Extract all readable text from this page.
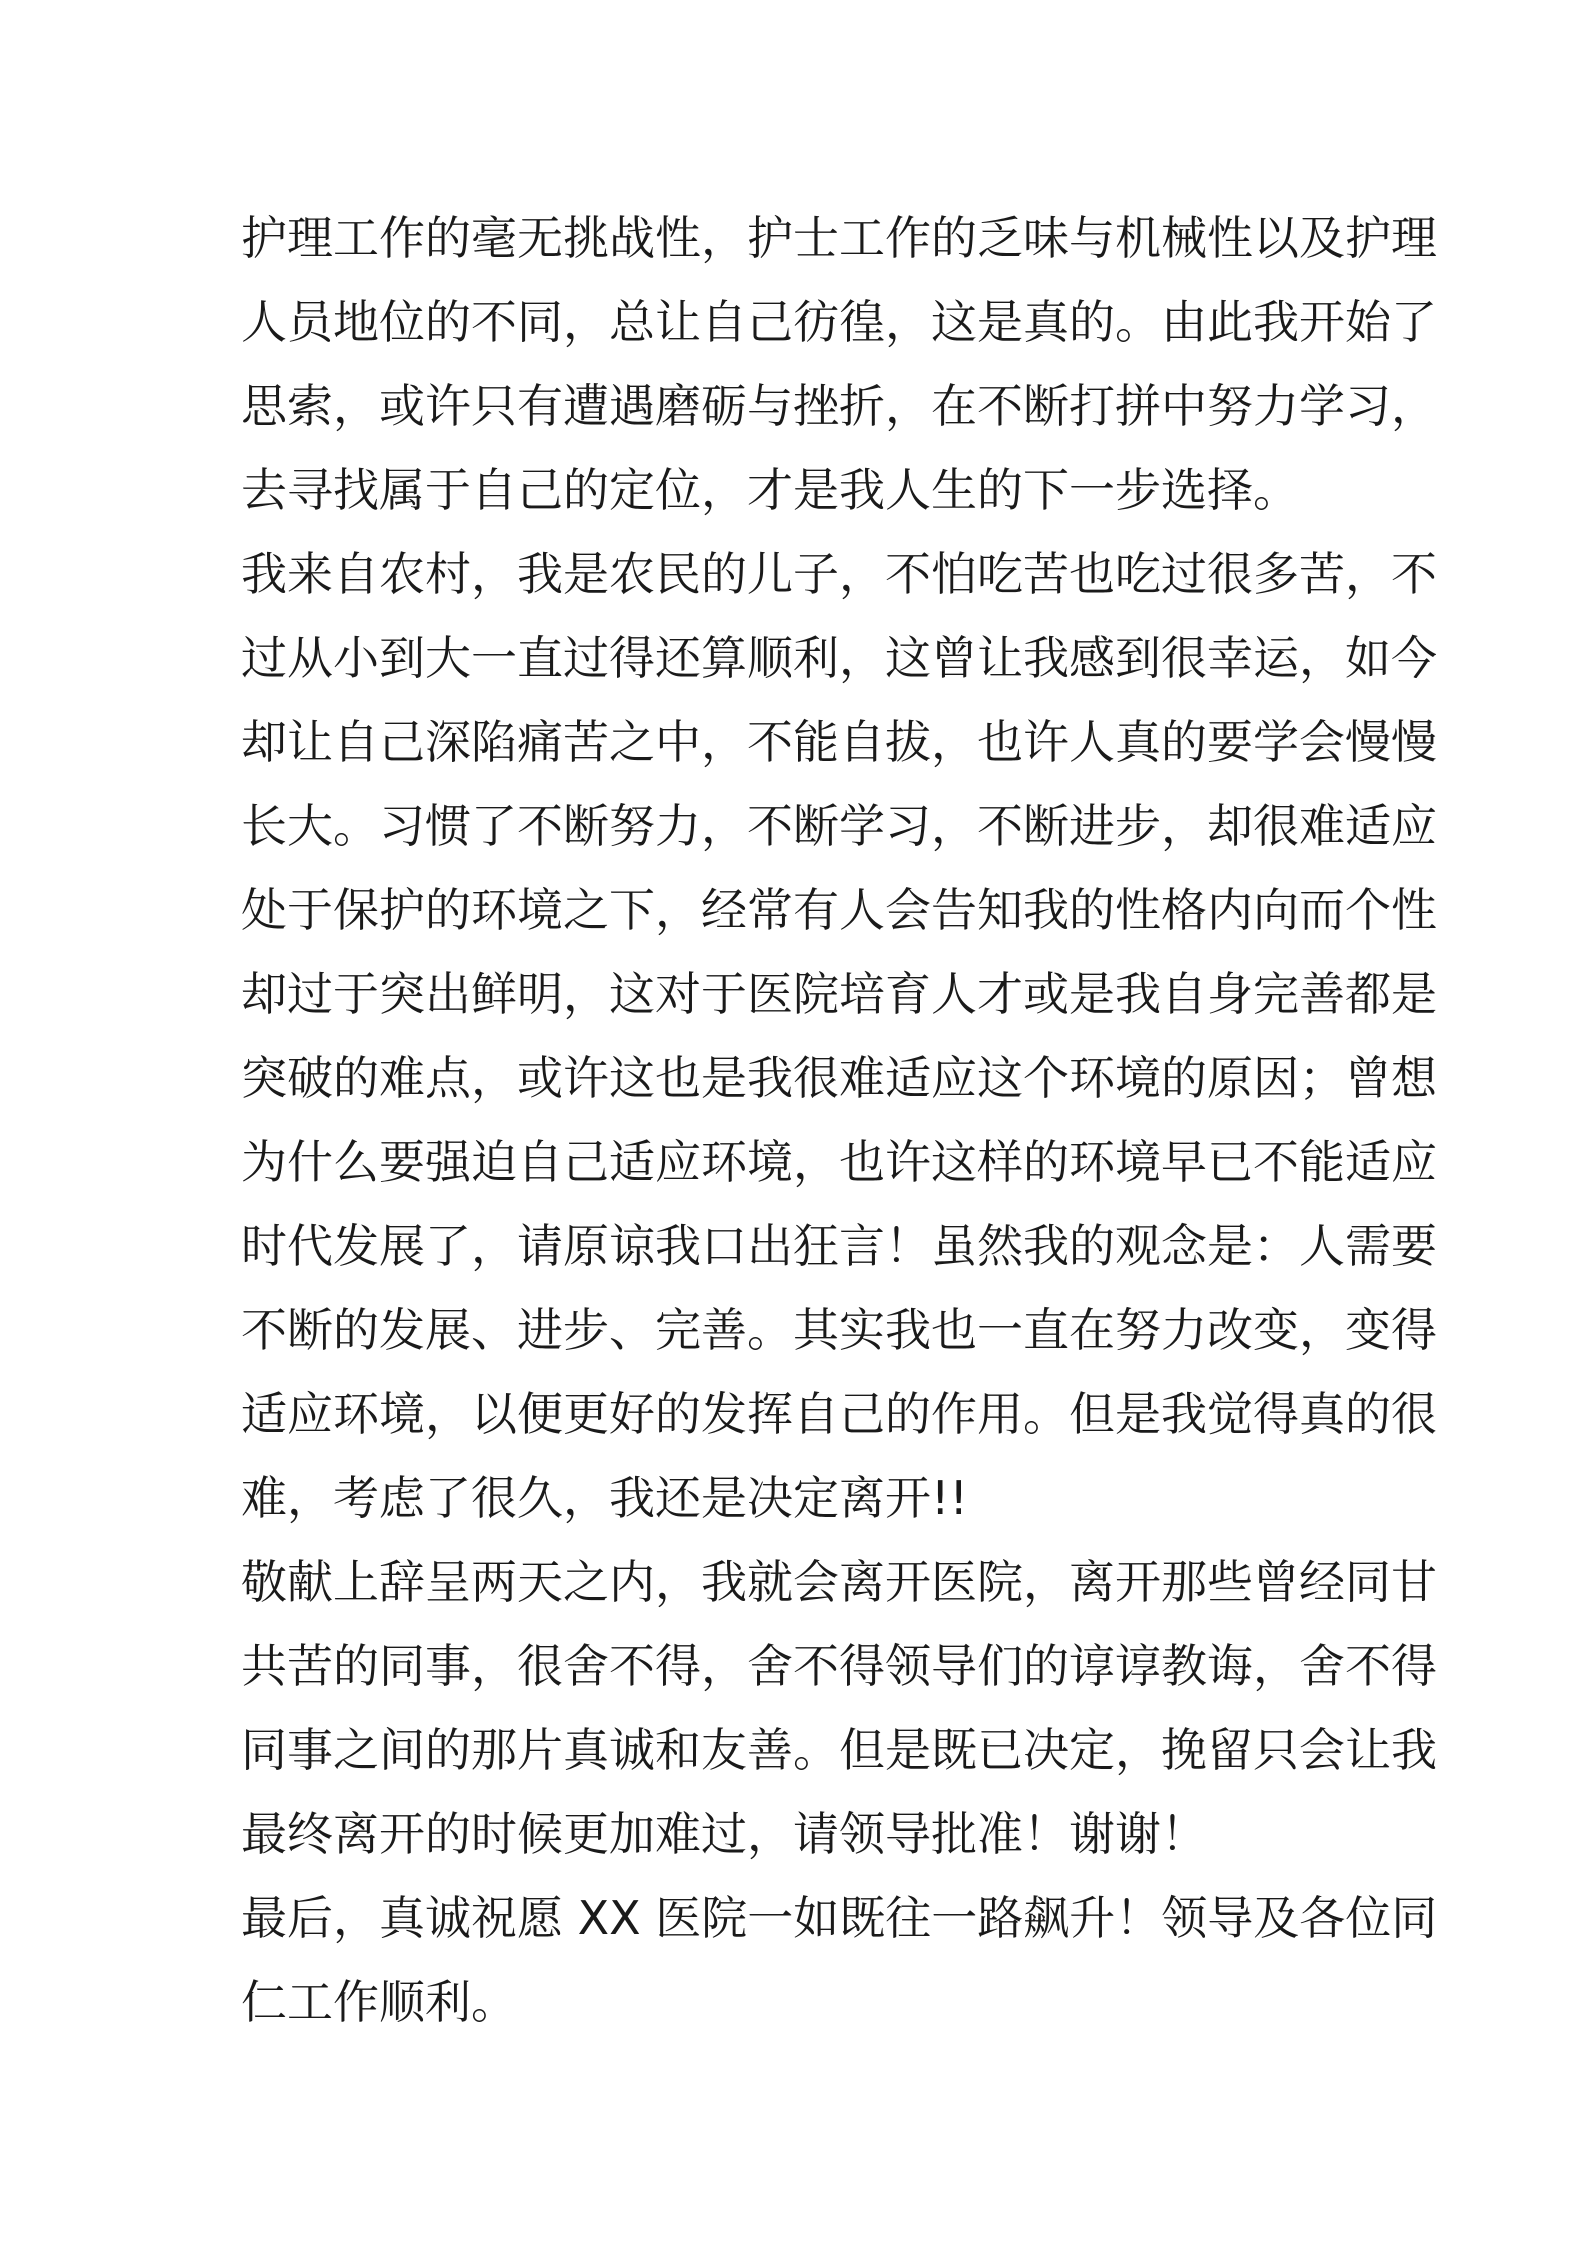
护理工作的毫无挑战性，护士工作的乏味与机械性以及护理
人员地位的不同，总让自己彷徨，这是真的。由此我开始了
思索，或许只有遭遇磨砺与挫折，在不断打拼中努力学习，
去寻找属于自己的定位，才是我人生的下一步选择。

我来自农村，我是农民的儿子，不怕吃苦也吃过很多苦，不
过从小到大一直过得还算顺利，这曾让我感到很幸运，如今
却让自己深陷痛苦之中，不能自拔，也许人真的要学会慢慢
长大。习惯了不断努力，不断学习，不断进步，却很难适应
处于保护的环境之下，经常有人会告知我的性格内向而个性
却过于突出鲜明，这对于医院培育人才或是我自身完善都是
突破的难点，或许这也是我很难适应这个环境的原因；曾想
为什么要强迫自己适应环境，也许这样的环境早已不能适应
时代发展了，请原谅我口出狂言！虽然我的观念是：人需要
不断的发展、进步、完善。其实我也一直在努力改变，变得
适应环境，以便更好的发挥自己的作用。但是我觉得真的很
难，考虑了很久，我还是决定离开!!

敬献上辞呈两天之内，我就会离开医院，离开那些曾经同甘
共苦的同事，很舍不得，舍不得领导们的谆谆教诲，舍不得
同事之间的那片真诚和友善。但是既已决定，挽留只会让我
最终离开的时候更加难过，请领导批准！谢谢！

最后，真诚祝愿 XX 医院一如既往一路飙升！领导及各位同
仁工作顺利。
